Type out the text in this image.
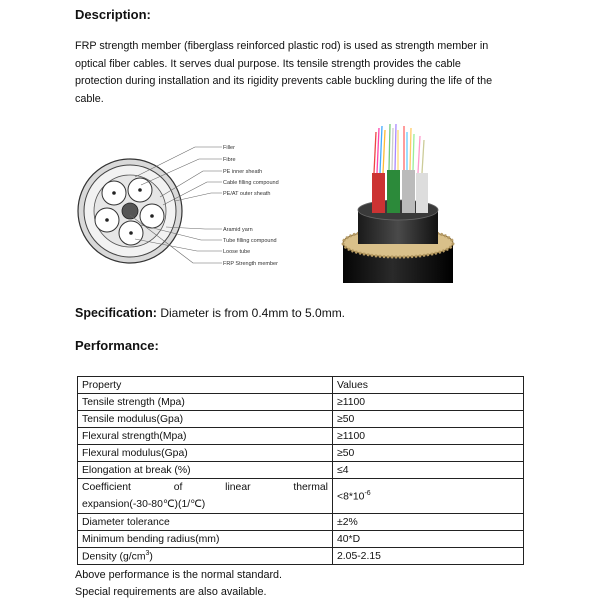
Description:
FRP strength member (fiberglass reinforced plastic rod) is used as strength member in
optical fiber cables. It serves dual purpose. Its tensile strength provides the cable
protection during installation and its rigidity prevents cable buckling during the life of the
cable.
Filler
Fibre
PE inner sheath
Cable filling compound
PE/AT outer sheath
Aramid yarn
Tube filling compound
Loose tube
FRP Strength member
Specification: Diameter is from 0.4mm to 5.0mm.
Performance:
Property	Values
Tensile strength (Mpa)	≥1100
Tensile modulus(Gpa)	≥50
Flexural strength(Mpa)	≥1100
Flexural modulus(Gpa)	≥50
Elongation at break (%)	≤4

Coefficient of linear thermal
expansion(-30-80℃)(1/℃)	$<8*10^{-6}$
Diameter tolerance	±2%
Minimum bending radius(mm)	40*D
Density $(g/cm^3)$	2.05-2.15
Above performance is the normal standard.
Special requirements are also available.
